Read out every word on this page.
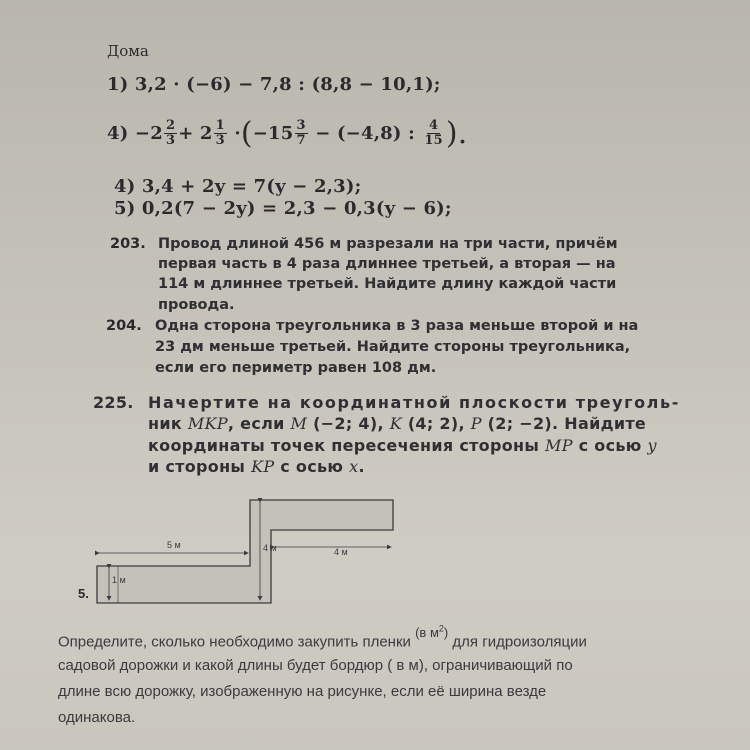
Дома
1) 3,2 · (−6) − 7,8 : (8,8 − 10,1);
4)
$-2 \frac{2}{3} + 2 \frac{1}{3}$
· ( $-15 \frac{3}{7}$
− (−4,8) :
$\frac{4}{15}$ ).
4) 3,4 + 2y = 7(y − 2,3);
5) 0,2(7 − 2y) = 2,3 − 0,3(y − 6);
203. Провод длиной 456 м разрезали на три части, причём
первая часть в 4 раза длиннее третьей, а вторая — на
114 м длиннее третьей. Найдите длину каждой части
провода.
204. Одна сторона треугольника в 3 раза меньше второй и на
23 дм меньше третьей. Найдите стороны треугольника,
если его периметр равен 108 дм.
225. Начертите на координатной плоскости треуголь-
ник MKP, если M (−2; 4), K (4; 2), P (2; −2). Найдите
координаты точек пересечения стороны MP с осью y
и стороны KP с осью x.
5.
5 м	4 м	4 м
1 м
Определите, сколько необходимо закупить пленки (в $м^2$) для гидроизоляции
садовой дорожки и какой длины будет бордюр ( в м), ограничивающий по
длине всю дорожку, изображенную на рисунке, если её ширина везде
одинакова.
